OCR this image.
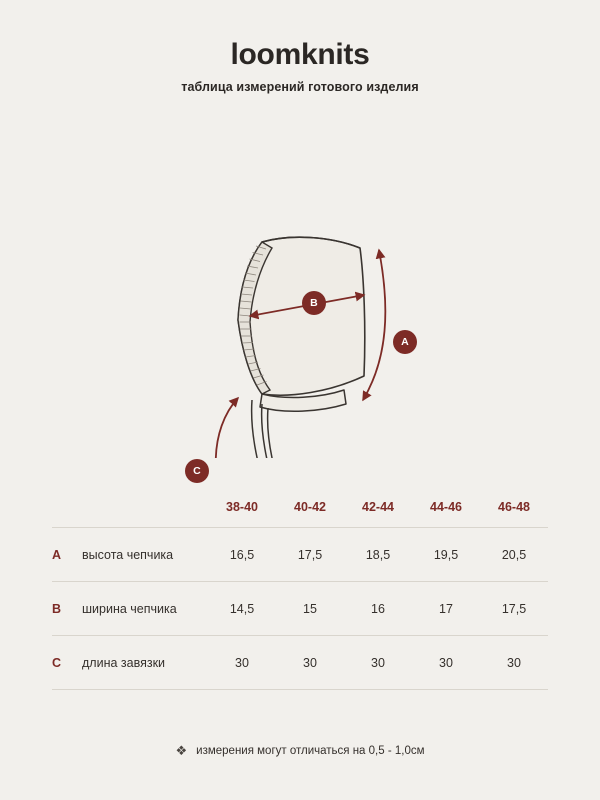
loomknits
таблица измерений готового изделия
A
B
C
		38-40	40-42	42-44	44-46	46-48
A	высота чепчика	16,5	17,5	18,5	19,5	20,5
B	ширина чепчика	14,5	15	16	17	17,5
C	длина завязки	30	30	30	30	30
❖ измерения могут отличаться на 0,5 - 1,0см
